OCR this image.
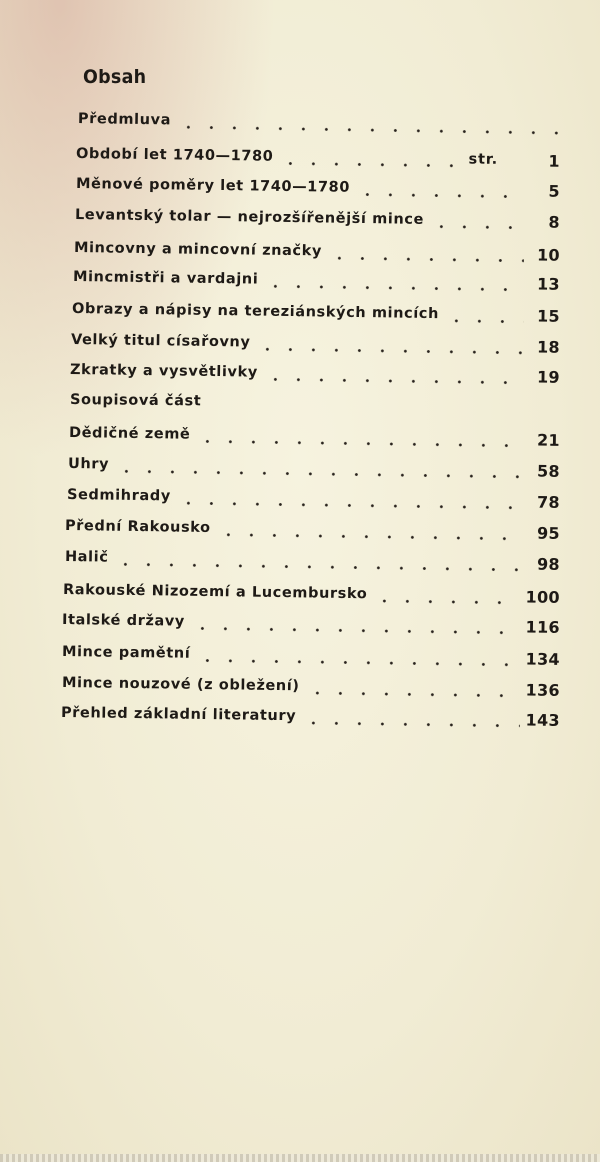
Obsah
Předmluva
Období let 1740—1780	str.	1
Měnové poměry let 1740—1780	5
Levantský tolar — nejrozšířenější mince	8
Mincovny a mincovní značky	10
Mincmistři a vardajni	13
Obrazy a nápisy na tereziánských mincích	15
Velký titul císařovny	18
Zkratky a vysvětlivky	19
Soupisová část
Dědičné země	21
Uhry	58
Sedmihrady	78
Přední Rakousko	95
Halič	98
Rakouské Nizozemí a Lucembursko	100
Italské državy	116
Mince pamětní	134
Mince nouzové (z obležení)	136
Přehled základní literatury	143
